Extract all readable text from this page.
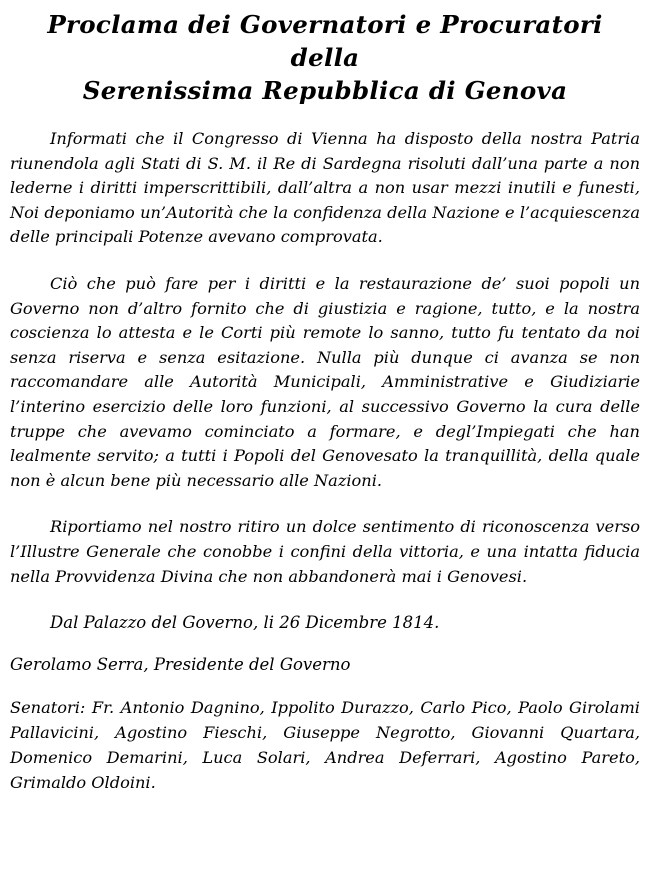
Proclama dei Governatori e Procuratori della
Serenissima Repubblica di Genova

Informati che il Congresso di Vienna ha disposto della nostra Patria riunendola agli Stati di S. M. il Re di Sardegna risoluti dall’una parte a non lederne i diritti imperscrittibili, dall’altra a non usar mezzi inutili e funesti, Noi deponiamo un’Autorità che la confidenza della Nazione e l’acquiescenza delle principali Potenze avevano comprovata.

Ciò che può fare per i diritti e la restaurazione de’ suoi popoli un Governo non d’altro fornito che di giustizia e ragione, tutto, e la nostra coscienza lo attesta e le Corti più remote lo sanno, tutto fu tentato da noi senza riserva e senza esitazione. Nulla più dunque ci avanza se non raccomandare alle Autorità Municipali, Amministrative e Giudiziarie l’interino esercizio delle loro funzioni, al successivo Governo la cura delle truppe che avevamo cominciato a formare, e degl’Impiegati che han lealmente servito; a tutti i Popoli del Genovesato la tranquillità, della quale non è alcun bene più necessario alle Nazioni.

Riportiamo nel nostro ritiro un dolce sentimento di riconoscenza verso l’Illustre Generale che conobbe i confini della vittoria, e una intatta fiducia nella Provvidenza Divina che non abbandonerà mai i Genovesi.

Dal Palazzo del Governo, li 26 Dicembre 1814.

Gerolamo Serra, Presidente del Governo

Senatori: Fr. Antonio Dagnino, Ippolito Durazzo, Carlo Pico, Paolo Girolami Pallavicini, Agostino Fieschi, Giuseppe Negrotto, Giovanni Quartara, Domenico Demarini, Luca Solari, Andrea Deferrari, Agostino Pareto, Grimaldo Oldoini.
